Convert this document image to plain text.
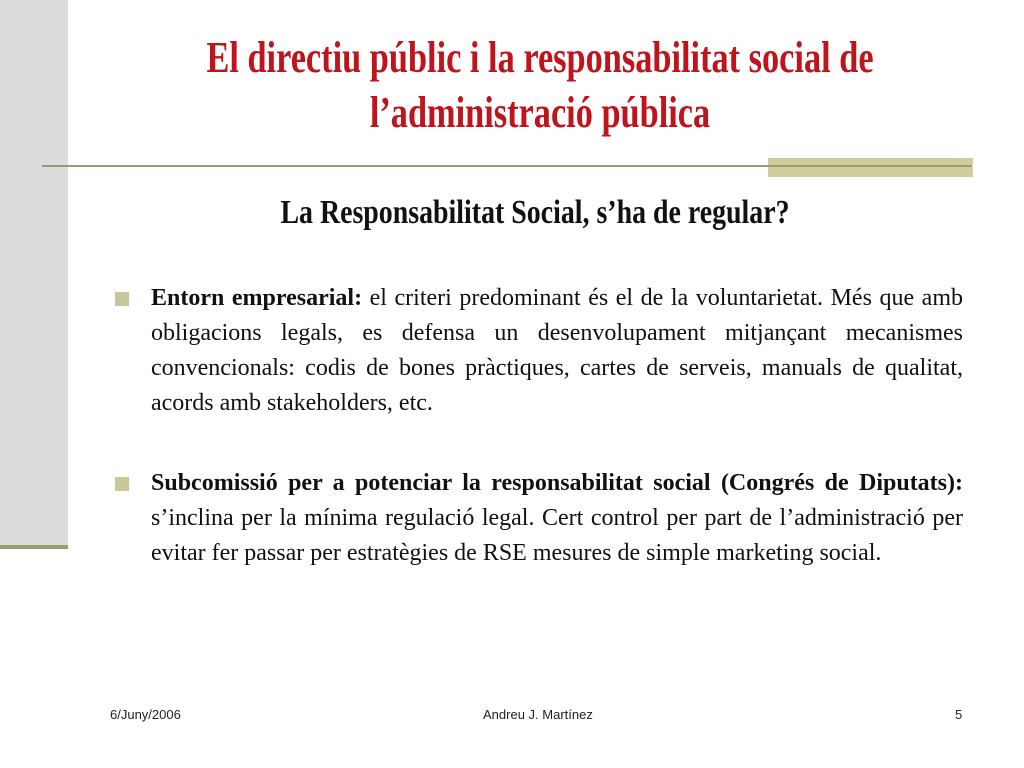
El directiu públic i la responsabilitat social de
l’administració pública
La Responsabilitat Social, s’ha de regular?
Entorn empresarial: el criteri predominant és el de la voluntarietat. Més que amb obligacions legals, es defensa un desenvolupament mitjançant mecanismes convencionals: codis de bones pràctiques, cartes de serveis, manuals de qualitat, acords amb stakeholders, etc.
Subcomissió per a potenciar la responsabilitat social (Congrés de Diputats): s’inclina per la mínima regulació legal. Cert control per part de l’administració per evitar fer passar per estratègies de RSE mesures de simple marketing social.
6/Juny/2006	Andreu J. Martínez	5
